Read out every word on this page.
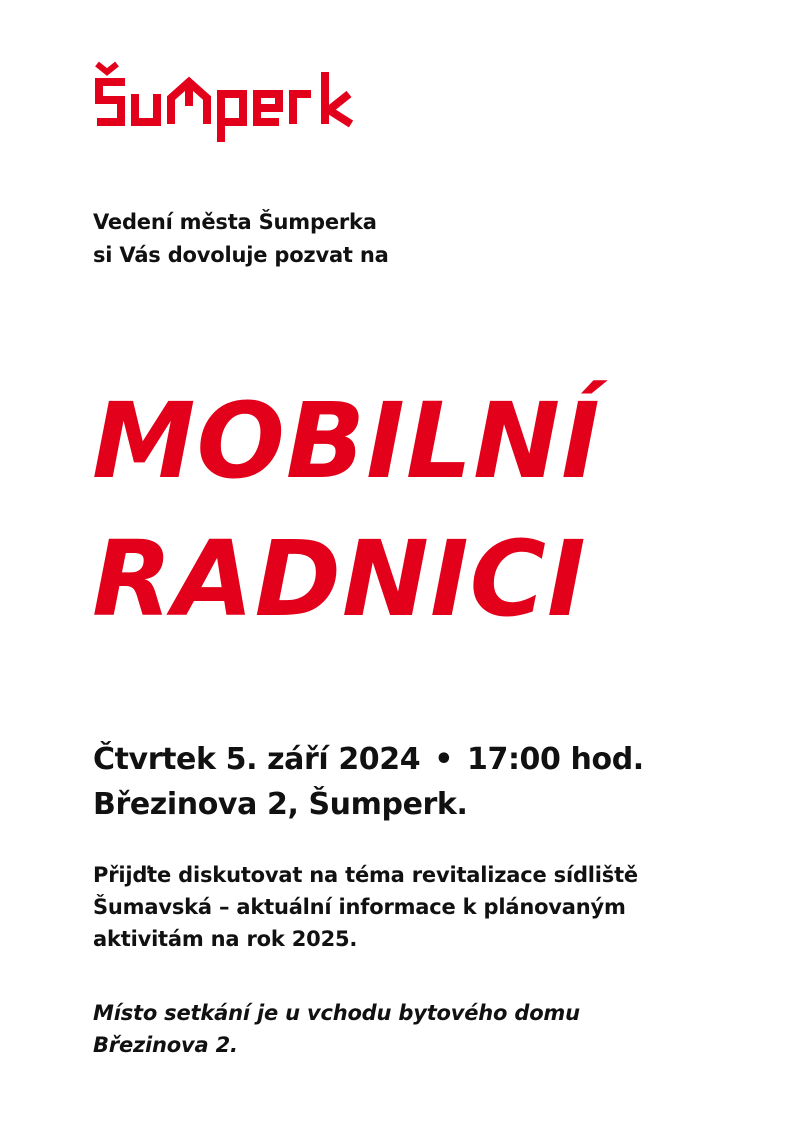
Vedení města Šumperka
si Vás dovoluje pozvat na

MOBILNÍ
RADNICI

Čtvrtek 5. září 2024 • 17:00 hod.
Březinova 2, Šumperk.

Přijďte diskutovat na téma revitalizace sídliště
Šumavská – aktuální informace k plánovaným
aktivitám na rok 2025.

Místo setkání je u vchodu bytového domu
Březinova 2.
